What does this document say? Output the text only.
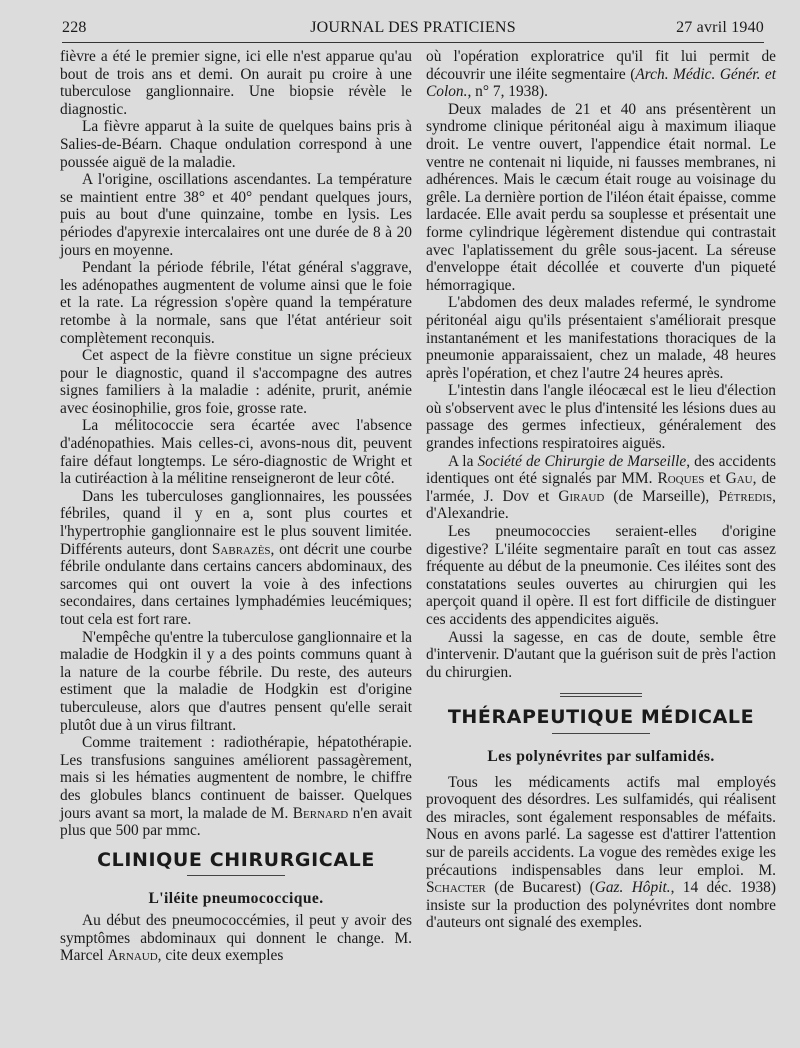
228	JOURNAL DES PRATICIENS	27 avril 1940

fièvre a été le premier signe, ici elle n'est apparue qu'au bout de trois ans et demi. On aurait pu croire à une tuberculose ganglionnaire. Une biopsie révèle le diagnostic.

La fièvre apparut à la suite de quelques bains pris à Salies-de-Béarn. Chaque ondulation correspond à une poussée aiguë de la maladie.

A l'origine, oscillations ascendantes. La température se maintient entre 38° et 40° pendant quelques jours, puis au bout d'une quinzaine, tombe en lysis. Les périodes d'apyrexie intercalaires ont une durée de 8 à 20 jours en moyenne.

Pendant la période fébrile, l'état général s'aggrave, les adénopathes augmentent de volume ainsi que le foie et la rate. La régression s'opère quand la température retombe à la normale, sans que l'état antérieur soit complètement reconquis.

Cet aspect de la fièvre constitue un signe précieux pour le diagnostic, quand il s'accompagne des autres signes familiers à la maladie : adénite, prurit, anémie avec éosinophilie, gros foie, grosse rate.

La mélitococcie sera écartée avec l'absence d'adénopathies. Mais celles-ci, avons-nous dit, peuvent faire défaut longtemps. Le séro-diagnostic de Wright et la cutiréaction à la mélitine renseigneront de leur côté.

Dans les tuberculoses ganglionnaires, les poussées fébriles, quand il y en a, sont plus courtes et l'hypertrophie ganglionnaire est le plus souvent limitée. Différents auteurs, dont Sabrazès, ont décrit une courbe fébrile ondulante dans certains cancers abdominaux, des sarcomes qui ont ouvert la voie à des infections secondaires, dans certaines lymphadémies leucémiques; tout cela est fort rare.

N'empêche qu'entre la tuberculose ganglionnaire et la maladie de Hodgkin il y a des points communs quant à la nature de la courbe fébrile. Du reste, des auteurs estiment que la maladie de Hodgkin est d'origine tuberculeuse, alors que d'autres pensent qu'elle serait plutôt due à un virus filtrant.

Comme traitement : radiothérapie, hépatothérapie. Les transfusions sanguines améliorent passagèrement, mais si les hématies augmentent de nombre, le chiffre des globules blancs continuent de baisser. Quelques jours avant sa mort, la malade de M. Bernard n'en avait plus que 500 par mmc.

CLINIQUE CHIRURGICALE
L'iléite pneumococcique.

Au début des pneumococcémies, il peut y avoir des symptômes abdominaux qui donnent le change. M. Marcel Arnaud, cite deux exemples

où l'opération exploratrice qu'il fit lui permit de découvrir une iléite segmentaire (Arch. Médic. Génér. et Colon., n° 7, 1938).

Deux malades de 21 et 40 ans présentèrent un syndrome clinique péritonéal aigu à maximum iliaque droit. Le ventre ouvert, l'appendice était normal. Le ventre ne contenait ni liquide, ni fausses membranes, ni adhérences. Mais le cæcum était rouge au voisinage du grêle. La dernière portion de l'iléon était épaisse, comme lardacée. Elle avait perdu sa souplesse et présentait une forme cylindrique légèrement distendue qui contrastait avec l'aplatissement du grêle sous-jacent. La séreuse d'enveloppe était décollée et couverte d'un piqueté hémorragique.

L'abdomen des deux malades refermé, le syndrome péritonéal aigu qu'ils présentaient s'améliorait presque instantanément et les manifestations thoraciques de la pneumonie apparaissaient, chez un malade, 48 heures après l'opération, et chez l'autre 24 heures après.

L'intestin dans l'angle iléocæcal est le lieu d'élection où s'observent avec le plus d'intensité les lésions dues au passage des germes infectieux, généralement des grandes infections respiratoires aiguës.

A la Société de Chirurgie de Marseille, des accidents identiques ont été signalés par MM. Roques et Gau, de l'armée, J. Dov et Giraud (de Marseille), Pétredis, d'Alexandrie.

Les pneumococcies seraient-elles d'origine digestive? L'iléite segmentaire paraît en tout cas assez fréquente au début de la pneumonie. Ces iléites sont des constatations seules ouvertes au chirurgien qui les aperçoit quand il opère. Il est fort difficile de distinguer ces accidents des appendicites aiguës.

Aussi la sagesse, en cas de doute, semble être d'intervenir. D'autant que la guérison suit de près l'action du chirurgien.

THÉRAPEUTIQUE MÉDICALE
Les polynévrites par sulfamidés.

Tous les médicaments actifs mal employés provoquent des désordres. Les sulfamidés, qui réalisent des miracles, sont également responsables de méfaits. Nous en avons parlé. La sagesse est d'attirer l'attention sur de pareils accidents. La vogue des remèdes exige les précautions indispensables dans leur emploi. M. Schacter (de Bucarest) (Gaz. Hôpit., 14 déc. 1938) insiste sur la production des polynévrites dont nombre d'auteurs ont signalé des exemples.
